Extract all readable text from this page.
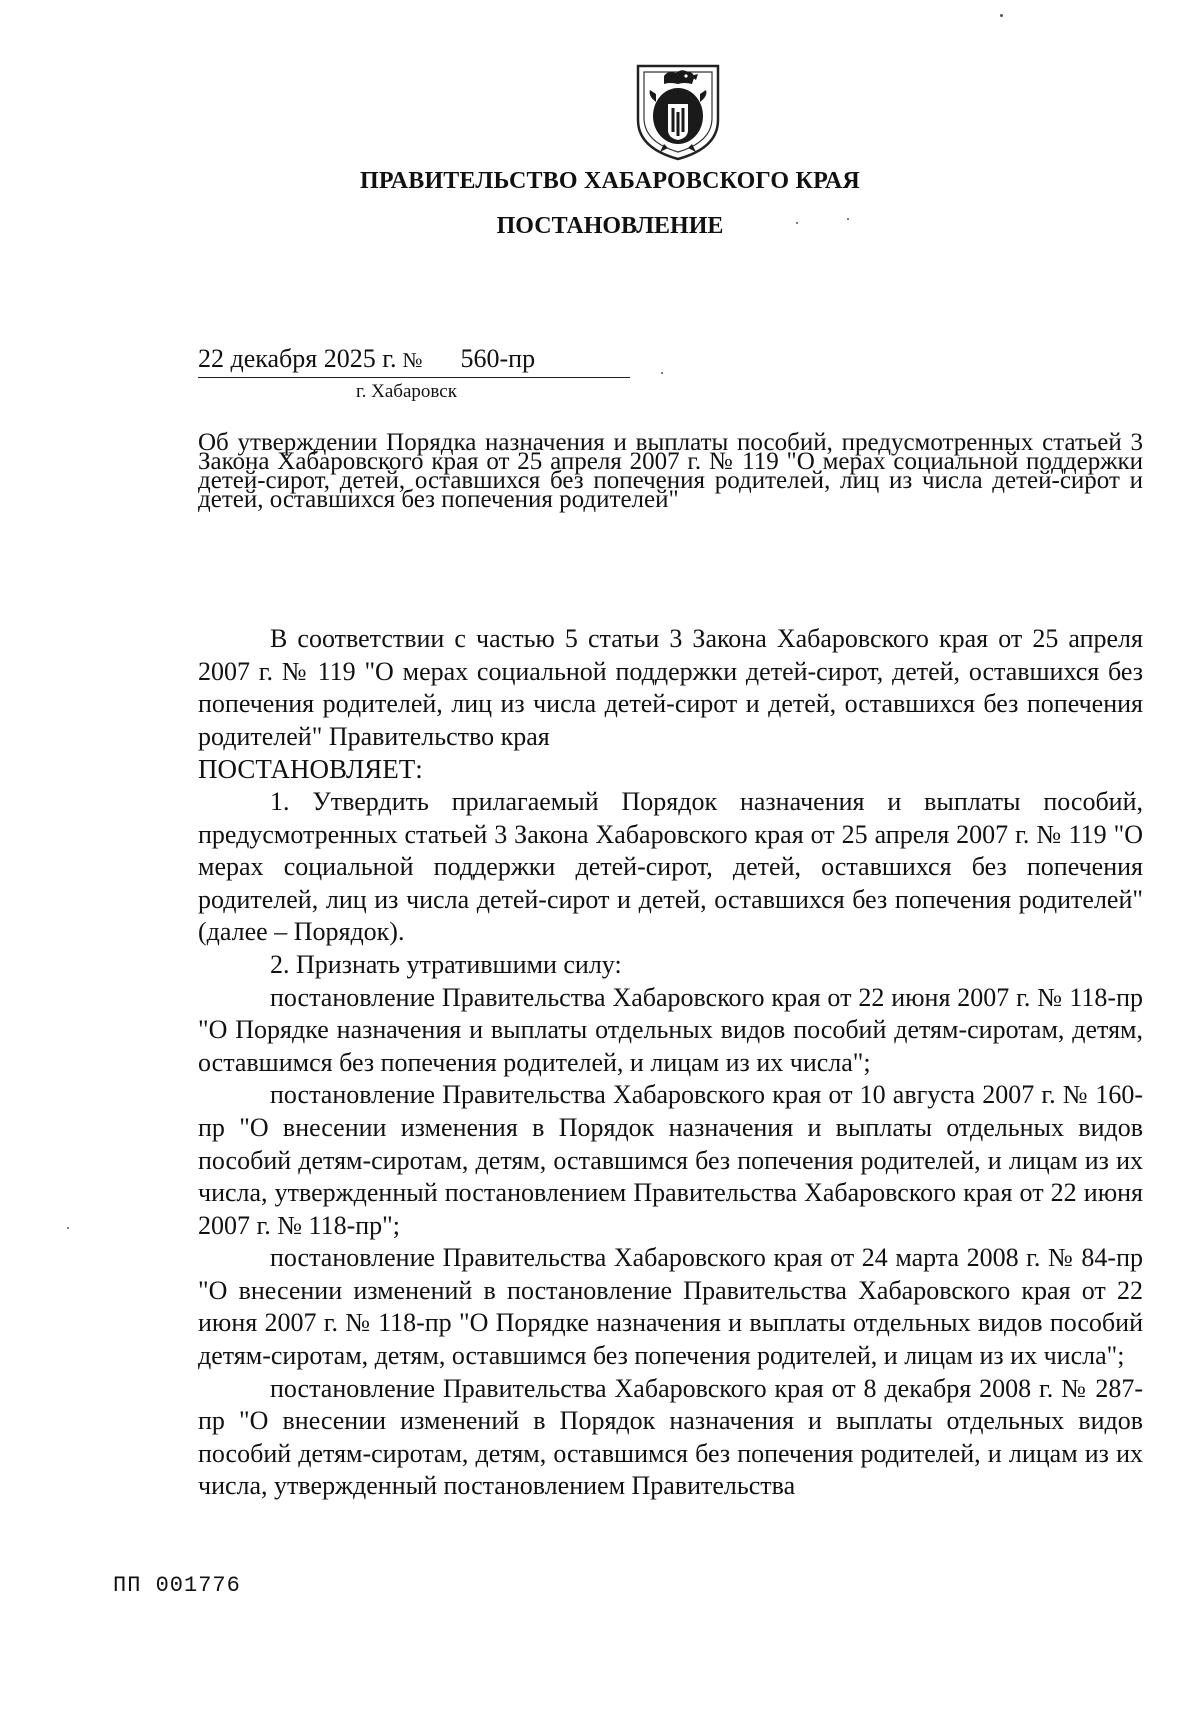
ПРАВИТЕЛЬСТВО ХАБАРОВСКОГО КРАЯ
ПОСТАНОВЛЕНИЕ
22 декабря 2025 г. № 560-пр
г. Хабаровск
Об утверждении Порядка назначения и выплаты пособий, предусмотренных статьей 3 Закона Хабаровского края от 25 апреля 2007 г. № 119 "О мерах социальной поддержки детей-сирот, детей, оставшихся без попечения родителей, лиц из числа детей-сирот и детей, оставшихся без попечения родителей"

В соответствии с частью 5 статьи 3 Закона Хабаровского края от 25 апреля 2007 г. № 119 "О мерах социальной поддержки детей-сирот, детей, оставшихся без попечения родителей, лиц из числа детей-сирот и детей, оставшихся без попечения родителей" Правительство края

ПОСТАНОВЛЯЕТ:

1. Утвердить прилагаемый Порядок назначения и выплаты пособий, предусмотренных статьей 3 Закона Хабаровского края от 25 апреля 2007 г. № 119 "О мерах социальной поддержки детей-сирот, детей, оставшихся без попечения родителей, лиц из числа детей-сирот и детей, оставшихся без попечения родителей" (далее – Порядок).

2. Признать утратившими силу:

постановление Правительства Хабаровского края от 22 июня 2007 г. № 118-пр "О Порядке назначения и выплаты отдельных видов пособий детям-сиротам, детям, оставшимся без попечения родителей, и лицам из их числа";

постановление Правительства Хабаровского края от 10 августа 2007 г. № 160-пр "О внесении изменения в Порядок назначения и выплаты отдельных видов пособий детям-сиротам, детям, оставшимся без попечения родителей, и лицам из их числа, утвержденный постановлением Правительства Хабаровского края от 22 июня 2007 г. № 118-пр";

постановление Правительства Хабаровского края от 24 марта 2008 г. № 84-пр "О внесении изменений в постановление Правительства Хабаровского края от 22 июня 2007 г. № 118-пр "О Порядке назначения и выплаты отдельных видов пособий детям-сиротам, детям, оставшимся без попечения родителей, и лицам из их числа";

постановление Правительства Хабаровского края от 8 декабря 2008 г. № 287-пр "О внесении изменений в Порядок назначения и выплаты отдельных видов пособий детям-сиротам, детям, оставшимся без попечения родителей, и лицам из их числа, утвержденный постановлением Правительства

ПП 001776
